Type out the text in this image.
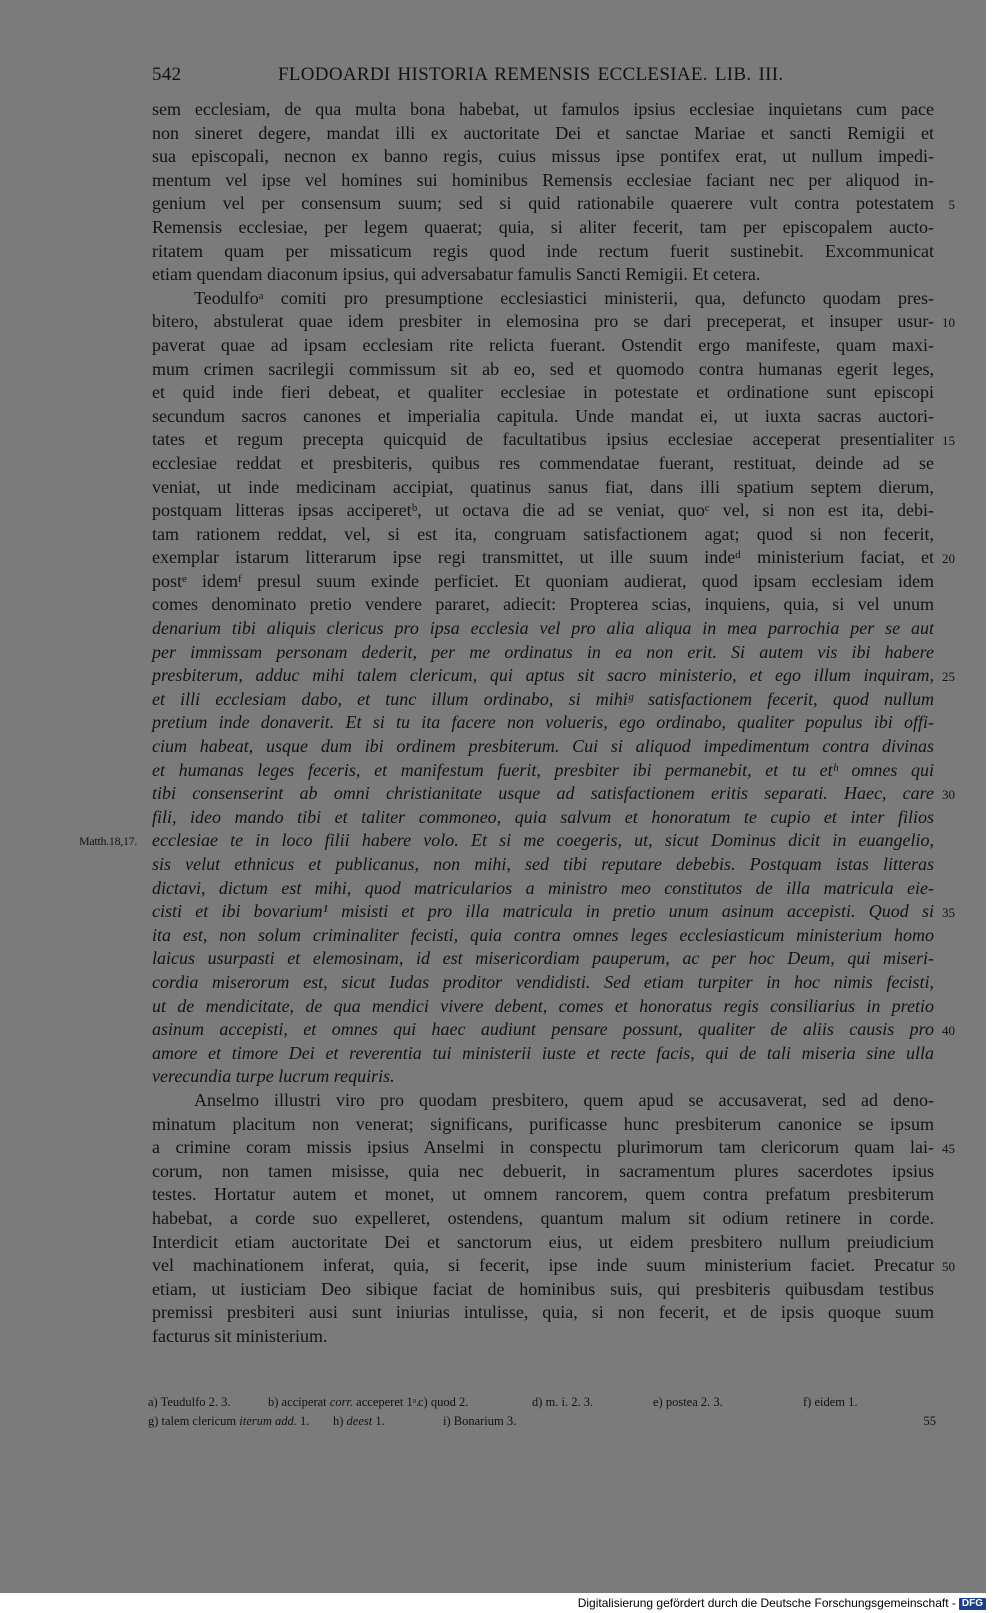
542	FLODOARDI HISTORIA REMENSIS ECCLESIAE. LIB. III.
sem ecclesiam, de qua multa bona habebat, ut famulos ipsius ecclesiae inquietans cum pace
non sineret degere, mandat illi ex auctoritate Dei et sanctae Mariae et sancti Remigii et
sua episcopali, necnon ex banno regis, cuius missus ipse pontifex erat, ut nullum impedi-
mentum vel ipse vel homines sui hominibus Remensis ecclesiae faciant nec per aliquod in-
genium vel per consensum suum; sed si quid rationabile quaerere vult contra potestatem 5
Remensis ecclesiae, per legem quaerat; quia, si aliter fecerit, tam per episcopalem aucto-
ritatem quam per missaticum regis quod inde rectum fuerit sustinebit. Excommunicat
etiam quendam diaconum ipsius, qui adversabatur famulis Sancti Remigii. Et cetera.
Teodulfoᵃ comiti pro presumptione ecclesiastici ministerii, qua, defuncto quodam pres-
bitero, abstulerat quae idem presbiter in elemosina pro se dari preceperat, et insuper usur- 10
paverat quae ad ipsam ecclesiam rite relicta fuerant. Ostendit ergo manifeste, quam maxi-
mum crimen sacrilegii commissum sit ab eo, sed et quomodo contra humanas egerit leges,
et quid inde fieri debeat, et qualiter ecclesiae in potestate et ordinatione sunt episcopi
secundum sacros canones et imperialia capitula. Unde mandat ei, ut iuxta sacras auctori-
tates et regum precepta quicquid de facultatibus ipsius ecclesiae acceperat presentialiter 15
ecclesiae reddat et presbiteris, quibus res commendatae fuerant, restituat, deinde ad se
veniat, ut inde medicinam accipiat, quatinus sanus fiat, dans illi spatium septem dierum,
postquam litteras ipsas acciperetᵇ, ut octava die ad se veniat, quoᶜ vel, si non est ita, debi-
tam rationem reddat, vel, si est ita, congruam satisfactionem agat; quod si non fecerit,
exemplar istarum litterarum ipse regi transmittet, ut ille suum indeᵈ ministerium faciat, et 20
postᵉ idemᶠ presul suum exinde perficiet. Et quoniam audierat, quod ipsam ecclesiam idem
comes denominato pretio vendere pararet, adiecit: Propterea scias, inquiens, quia, si vel unum
denarium tibi aliquis clericus pro ipsa ecclesia vel pro alia aliqua in mea parrochia per se aut
per immissam personam dederit, per me ordinatus in ea non erit. Si autem vis ibi habere
presbiterum, adduc mihi talem clericum, qui aptus sit sacro ministerio, et ego illum inquiram, 25
et illi ecclesiam dabo, et tunc illum ordinabo, si mihiᵍ satisfactionem fecerit, quod nullum
pretium inde donaverit. Et si tu ita facere non volueris, ego ordinabo, qualiter populus ibi offi-
cium habeat, usque dum ibi ordinem presbiterum. Cui si aliquod impedimentum contra divinas
et humanas leges feceris, et manifestum fuerit, presbiter ibi permanebit, et tu etʰ omnes qui
tibi consenserint ab omni christianitate usque ad satisfactionem eritis separati. Haec, care 30
fili, ideo mando tibi et taliter commoneo, quia salvum et honoratum te cupio et inter filios
ecclesiae te in loco filii habere volo. Et si me coegeris, ut, sicut Dominus dicit in euangelio,
Matth.18,17.
sis velut ethnicus et publicanus, non mihi, sed tibi reputare debebis. Postquam istas litteras
dictavi, dictum est mihi, quod matricularios a ministro meo constitutos de illa matricula eie-
cisti et ibi bovarium¹ misisti et pro illa matricula in pretio unum asinum accepisti. Quod si 35
ita est, non solum criminaliter fecisti, quia contra omnes leges ecclesiasticum ministerium homo
laicus usurpasti et elemosinam, id est misericordiam pauperum, ac per hoc Deum, qui miseri-
cordia miserorum est, sicut Iudas proditor vendidisti. Sed etiam turpiter in hoc nimis fecisti,
ut de mendicitate, de qua mendici vivere debent, comes et honoratus regis consiliarius in pretio
asinum accepisti, et omnes qui haec audiunt pensare possunt, qualiter de aliis causis pro 40
amore et timore Dei et reverentia tui ministerii iuste et recte facis, qui de tali miseria sine ulla
verecundia turpe lucrum requiris.
Anselmo illustri viro pro quodam presbitero, quem apud se accusaverat, sed ad deno-
minatum placitum non venerat; significans, purificasse hunc presbiterum canonice se ipsum
a crimine coram missis ipsius Anselmi in conspectu plurimorum tam clericorum quam lai- 45
corum, non tamen misisse, quia nec debuerit, in sacramentum plures sacerdotes ipsius
testes. Hortatur autem et monet, ut omnem rancorem, quem contra prefatum presbiterum
habebat, a corde suo expelleret, ostendens, quantum malum sit odium retinere in corde.
Interdicit etiam auctoritate Dei et sanctorum eius, ut eidem presbitero nullum preiudicium
vel machinationem inferat, quia, si fecerit, ipse inde suum ministerium faciet. Precatur 50
etiam, ut iusticiam Deo sibique faciat de hominibus suis, qui presbiteris quibusdam testibus
premissi presbiteri ausi sunt iniurias intulisse, quia, si non fecerit, et de ipsis quoque suum
facturus sit ministerium.
a) Teudulfo 2. 3.	b) acciperat corr. acceperet 1ᵃ.
c) quod 2.	d) m. i. 2. 3.	e) postea 2. 3.	f) eidem 1.
55
g) talem clericum iterum add. 1. h) deest 1.	i) Bonarium 3.
Digitalisierung gefördert durch die Deutsche Forschungsgemeinschaft - DFG
